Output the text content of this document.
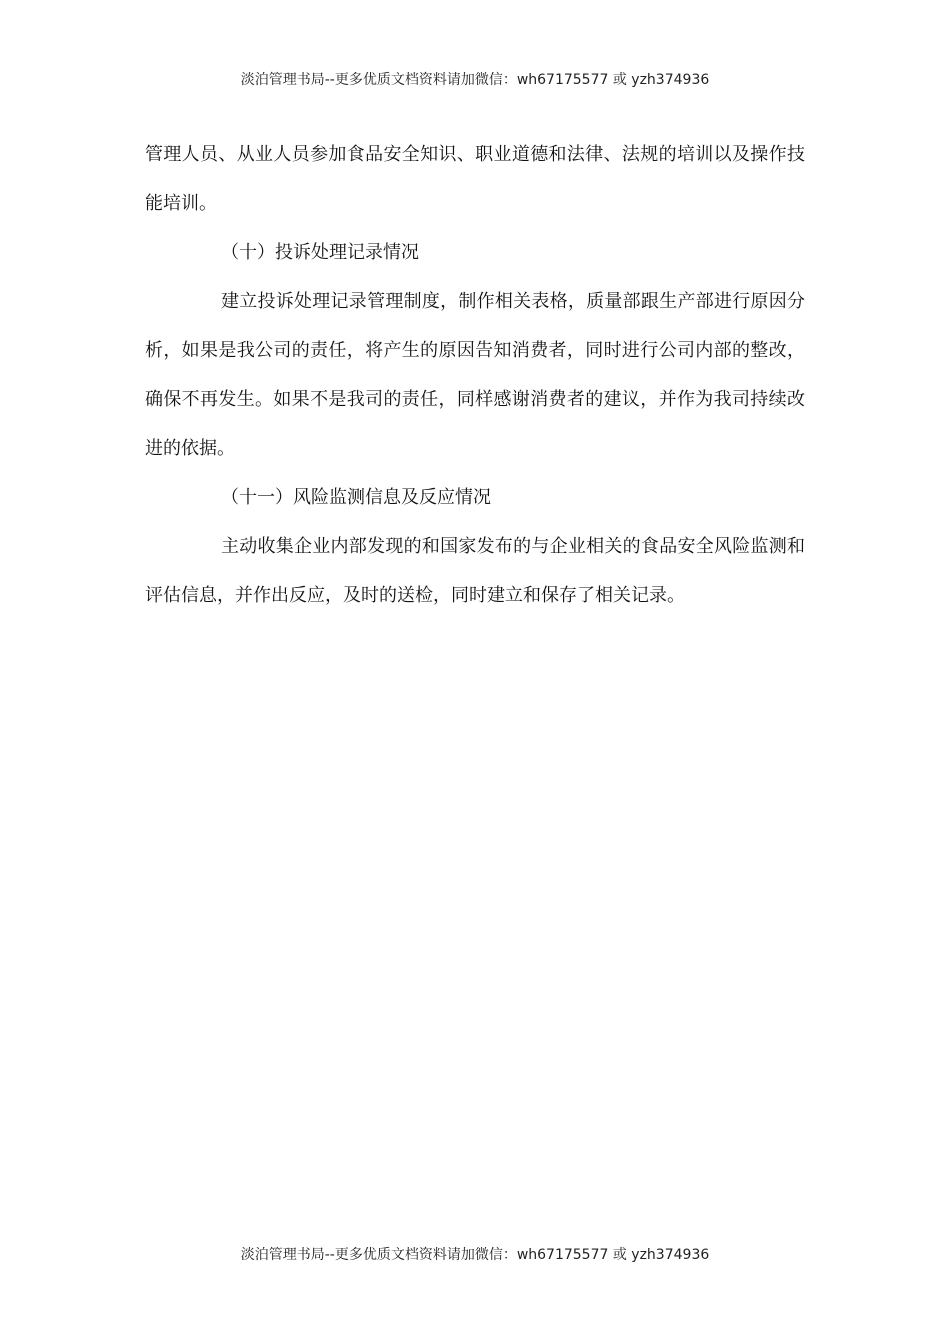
淡泊管理书局--更多优质文档资料请加微信：wh67175577 或 yzh374936

管理人员、从业人员参加食品安全知识、职业道德和法律、法规的培训以及操作技能培训。

（十）投诉处理记录情况

建立投诉处理记录管理制度，制作相关表格，质量部跟生产部进行原因分析，如果是我公司的责任，将产生的原因告知消费者，同时进行公司内部的整改，确保不再发生。如果不是我司的责任，同样感谢消费者的建议，并作为我司持续改进的依据。

（十一）风险监测信息及反应情况

主动收集企业内部发现的和国家发布的与企业相关的食品安全风险监测和评估信息，并作出反应，及时的送检，同时建立和保存了相关记录。

淡泊管理书局--更多优质文档资料请加微信：wh67175577 或 yzh374936
